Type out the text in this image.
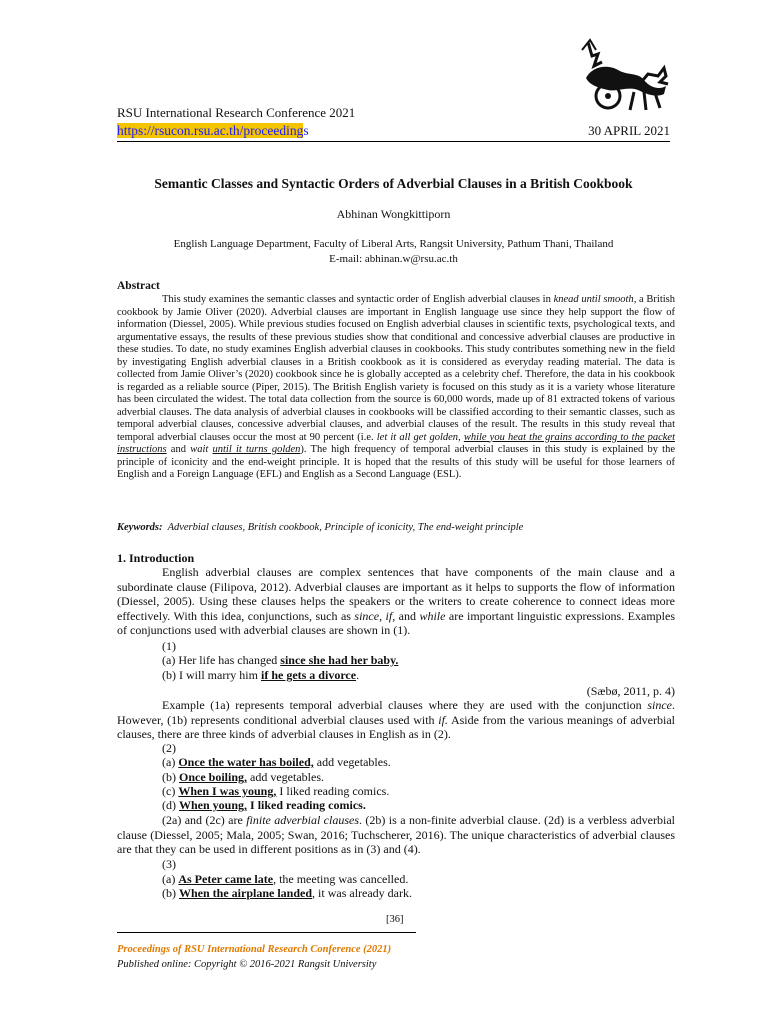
RSU International Research Conference 2021
https://rsucon.rsu.ac.th/proceedings	30 APRIL 2021
Semantic Classes and Syntactic Orders of Adverbial Clauses in a British Cookbook
Abhinan Wongkittiporn
English Language Department, Faculty of Liberal Arts, Rangsit University, Pathum Thani, Thailand
E-mail: abhinan.w@rsu.ac.th
Abstract
This study examines the semantic classes and syntactic order of English adverbial clauses in knead until smooth, a British cookbook by Jamie Oliver (2020). Adverbial clauses are important in English language use since they help support the flow of information (Diessel, 2005). While previous studies focused on English adverbial clauses in scientific texts, psychological texts, and argumentative essays, the results of these previous studies show that conditional and concessive adverbial clauses are productive in these studies. To date, no study examines English adverbial clauses in cookbooks. This study contributes something new in the field by investigating English adverbial clauses in a British cookbook as it is considered as everyday reading material. The data is collected from Jamie Oliver’s (2020) cookbook since he is globally accepted as a celebrity chef. Therefore, the data in his cookbook is regarded as a reliable source (Piper, 2015). The British English variety is focused on this study as it is a variety whose literature has been circulated the widest. The total data collection from the source is 60,000 words, made up of 81 extracted tokens of various adverbial clauses. The data analysis of adverbial clauses in cookbooks will be classified according to their semantic classes, such as temporal adverbial clauses, concessive adverbial clauses, and adverbial clauses of the result. The results in this study reveal that temporal adverbial clauses occur the most at 90 percent (i.e. let it all get golden, while you heat the grains according to the packet instructions and wait until it turns golden). The high frequency of temporal adverbial clauses in this study is explained by the principle of iconicity and the end-weight principle. It is hoped that the results of this study will be useful for those learners of English and a Foreign Language (EFL) and English as a Second Language (ESL).
Keywords: Adverbial clauses, British cookbook, Principle of iconicity, The end-weight principle
1. Introduction
English adverbial clauses are complex sentences that have components of the main clause and a subordinate clause (Filipova, 2012). Adverbial clauses are important as it helps to supports the flow of information (Diessel, 2005). Using these clauses helps the speakers or the writers to create coherence to connect ideas more effectively. With this idea, conjunctions, such as since, if, and while are important linguistic expressions. Examples of conjunctions used with adverbial clauses are shown in (1).
(1)
(a) Her life has changed since she had her baby.
(b) I will marry him if he gets a divorce.
(Sæbø, 2011, p. 4)
Example (1a) represents temporal adverbial clauses where they are used with the conjunction since. However, (1b) represents conditional adverbial clauses used with if. Aside from the various meanings of adverbial clauses, there are three kinds of adverbial clauses in English as in (2).
(2)
(a) Once the water has boiled, add vegetables.
(b) Once boiling, add vegetables.
(c) When I was young, I liked reading comics.
(d) When young, I liked reading comics.
(2a) and (2c) are finite adverbial clauses. (2b) is a non-finite adverbial clause. (2d) is a verbless adverbial clause (Diessel, 2005; Mala, 2005; Swan, 2016; Tuchscherer, 2016). The unique characteristics of adverbial clauses are that they can be used in different positions as in (3) and (4).
(3)
(a) As Peter came late, the meeting was cancelled.
(b) When the airplane landed, it was already dark.
[36]
Proceedings of RSU International Research Conference (2021)
Published online: Copyright © 2016-2021 Rangsit University
